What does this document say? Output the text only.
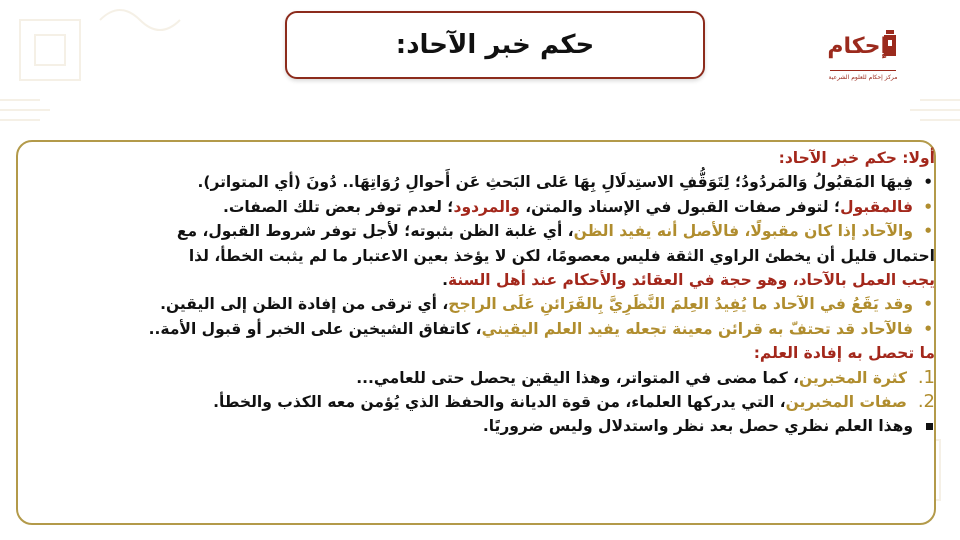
حكم خبر الآحاد:	إحكام
مركز إحكام للعلوم الشرعية
أولا: حكم خبر الآحاد:
•
فِيهَا المَقبُولُ وَالمَردُودُ؛ لِتَوَقُّفِ الاستِدلَالِ بِهَا عَلى البَحثِ عَن أَحوالِ رُوَاتِهَا.. دُونَ (أي المتواتر).
•
فالمقبول؛ لتوفر صفات القبول في الإسناد والمتن، والمردود؛ لعدم توفر بعض تلك الصفات.
•
والآحاد إذا كان مقبولًا، فالأصل أنه يفيد الظن، أي غلبة الظن بثبوته؛ لأجل توفر شروط القبول، مع
احتمال قليل أن يخطئ الراوي الثقة فليس معصومًا، لكن لا يؤخذ بعين الاعتبار ما لم يثبت الخطأ، لذا
يجب العمل بالآحاد، وهو حجة في العقائد والأحكام عند أهل السنة.
•
وقد يَقَعُ في الآحاد ما يُفِيدُ العِلمَ النَّظَرِيَّ بِالقَرَائنِ عَلَى الراجح، أي ترقى من إفادة الظن إلى اليقين.
•
فالآحاد قد تحتفّ به قرائن معينة تجعله يفيد العلم اليقيني، كاتفاق الشيخين على الخبر أو قبول الأمة..
ما تحصل به إفادة العلم:
1.
كثرة المخبرين، كما مضى في المتواتر، وهذا اليقين يحصل حتى للعامي...
2.
صفات المخبرين، التي يدركها العلماء، من قوة الديانة والحفظ الذي يُؤمن معه الكذب والخطأ.
وهذا العلم نظري حصل بعد نظر واستدلال وليس ضروريًا.
